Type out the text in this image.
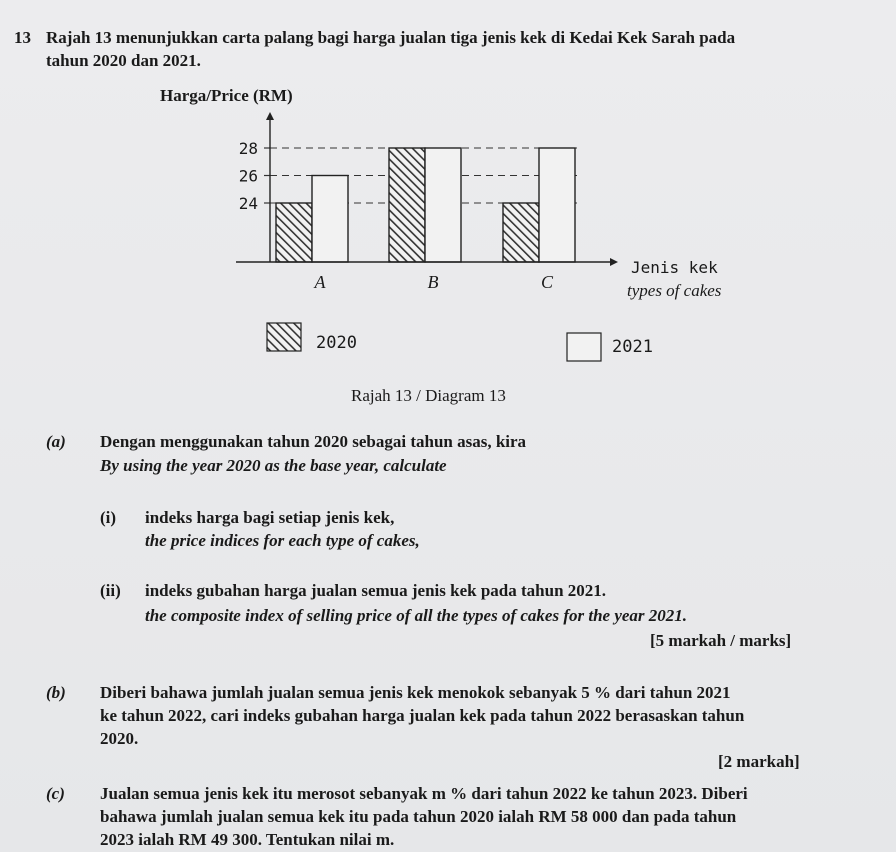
13 Rajah 13 menunjukkan carta palang bagi harga jualan tiga jenis kek di Kedai Kek Sarah pada
tahun 2020 dan 2021.
24
26
28
A	B	C
Harga/Price (RM)
Jenis kek
types of cakes
2020	2021
Rajah 13 / Diagram 13
(a) Dengan menggunakan tahun 2020 sebagai tahun asas, kira
By using the year 2020 as the base year, calculate
(i) indeks harga bagi setiap jenis kek,
the price indices for each type of cakes,
(ii) indeks gubahan harga jualan semua jenis kek pada tahun 2021.
the composite index of selling price of all the types of cakes for the year 2021.
[5 markah / marks]
(b) Diberi bahawa jumlah jualan semua jenis kek menokok sebanyak 5 % dari tahun 2021
ke tahun 2022, cari indeks gubahan harga jualan kek pada tahun 2022 berasaskan tahun
2020.
[2 markah]
(c) Jualan semua jenis kek itu merosot sebanyak m % dari tahun 2022 ke tahun 2023. Diberi
bahawa jumlah jualan semua kek itu pada tahun 2020 ialah RM 58 000 dan pada tahun
2023 ialah RM 49 300. Tentukan nilai m.
